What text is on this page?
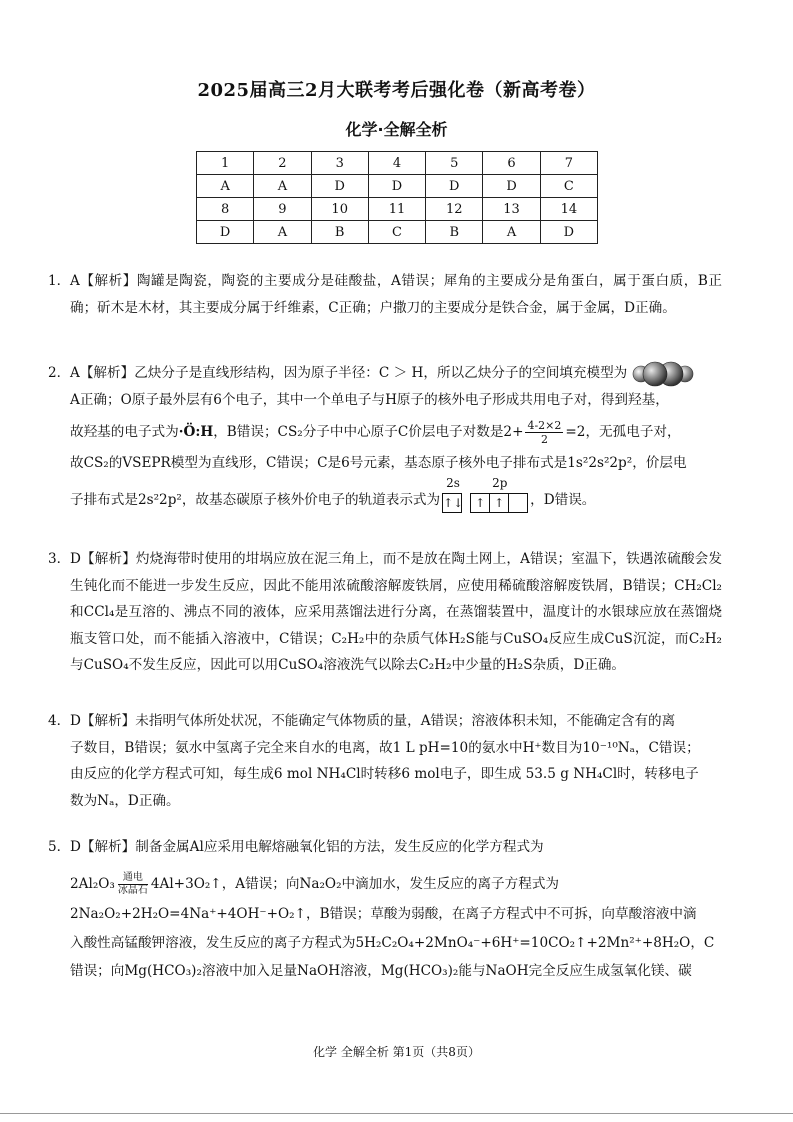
2025届高三2月大联考考后强化卷（新高考卷）
化学·全解全析
1	2	3	4	5	6	7
A	A	D	D	D	D	C
8	9	10	11	12	13	14
D	A	B	C	B	A	D

1．A【解析】陶罐是陶瓷，陶瓷的主要成分是硅酸盐，A错误；犀角的主要成分是角蛋白，属于蛋白质，B正确；斫木是木材，其主要成分属于纤维素，C正确；户撒刀的主要成分是铁合金，属于金属，D正确。

2．A【解析】乙炔分子是直线形结构，因为原子半径：C ＞ H，所以乙炔分子的空间填充模型为

A正确；O原子最外层有6个电子，其中一个单电子与H原子的核外电子形成共用电子对，得到羟基，

故羟基的电子式为·Ö:H，B错误；CS₂分子中中心原子C价层电子对数是$2+ \frac{4-2\times 2}{2} =2$，无孤电子对，

故CS₂的VSEPR模型为直线形，C错误；C是6号元素，基态原子核外电子排布式是1s²2s²2p²，价层电

子排布式是2s²2p²，故基态碳原子核外价电子的轨道表示式为
2s
↑↓
2p
↑ ↑ ，D错误。

3．D【解析】灼烧海带时使用的坩埚应放在泥三角上，而不是放在陶土网上，A错误；室温下，铁遇浓硫酸会发生钝化而不能进一步发生反应，因此不能用浓硫酸溶解废铁屑，应使用稀硫酸溶解废铁屑，B错误；CH₂Cl₂和CCl₄是互溶的、沸点不同的液体，应采用蒸馏法进行分离，在蒸馏装置中，温度计的水银球应放在蒸馏烧瓶支管口处，而不能插入溶液中，C错误；C₂H₂中的杂质气体H₂S能与CuSO₄反应生成CuS沉淀，而C₂H₂与CuSO₄不发生反应，因此可以用CuSO₄溶液洗气以除去C₂H₂中少量的H₂S杂质，D正确。

4．D【解析】未指明气体所处状况，不能确定气体物质的量，A错误；溶液体积未知，不能确定含有的离

子数目，B错误；氨水中氢离子完全来自水的电离，故1 L pH=10的氨水中H⁺数目为10⁻¹⁰Nₐ，C错误；

由反应的化学方程式可知，每生成6 mol NH₄Cl时转移6 mol电子，即生成 53.5 g NH₄Cl时，转移电子

数为Nₐ，D正确。

5．D【解析】制备金属Al应采用电解熔融氧化铝的方法，发生反应的化学方程式为

2Al₂O₃ 通电
冰晶石 4Al+3O₂↑，A错误；向Na₂O₂中滴加水，发生反应的离子方程式为

2Na₂O₂+2H₂O=4Na⁺+4OH⁻+O₂↑，B错误；草酸为弱酸，在离子方程式中不可拆，向草酸溶液中滴

入酸性高锰酸钾溶液，发生反应的离子方程式为5H₂C₂O₄+2MnO₄⁻+6H⁺=10CO₂↑+2Mn²⁺+8H₂O，C

错误；向Mg(HCO₃)₂溶液中加入足量NaOH溶液，Mg(HCO₃)₂能与NaOH完全反应生成氢氧化镁、碳

化学 全解全析 第1页（共8页）
